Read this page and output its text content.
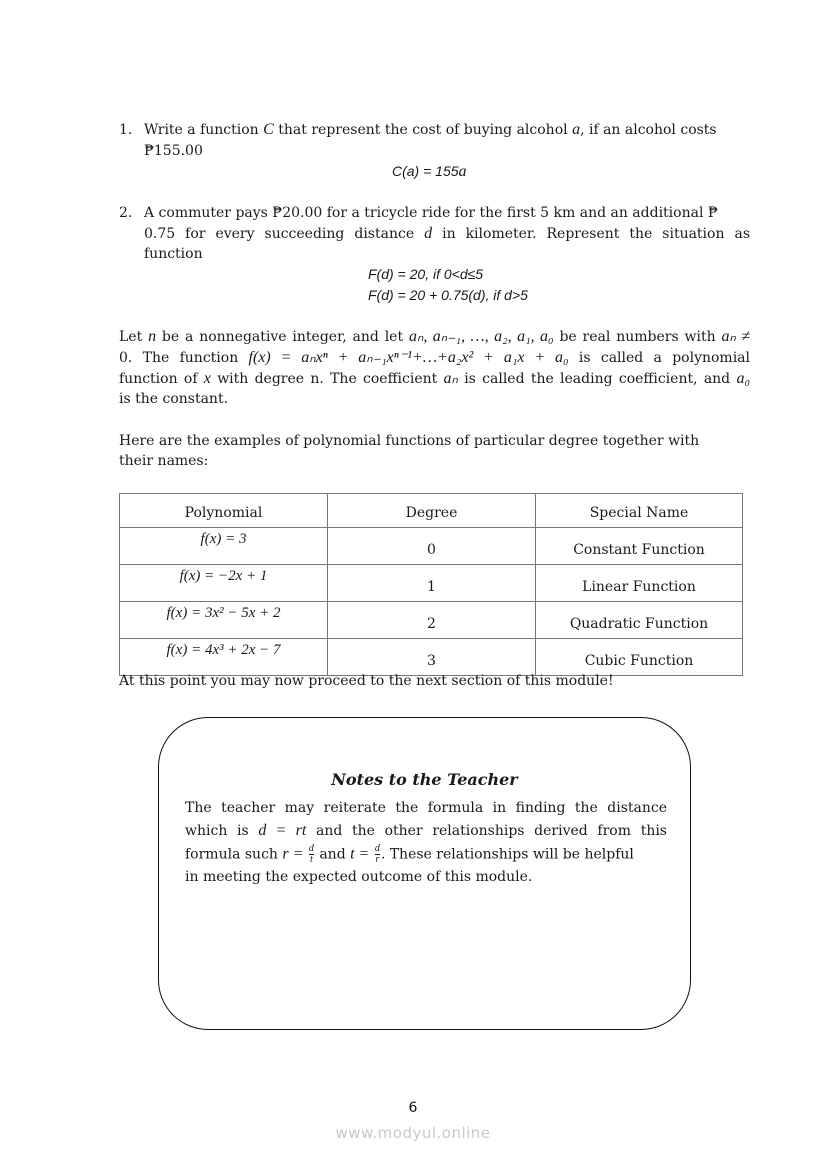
1. Write a function C that represent the cost of buying alcohol a, if an alcohol costs
₱155.00
C(a) = 155a
2. A commuter pays ₱20.00 for a tricycle ride for the first 5 km and an additional ₱
0.75 for every succeeding distance d in kilometer. Represent the situation as
function
F(d) = 20, if 0<d≤5
F(d) = 20 + 0.75(d), if d>5
Let n be a nonnegative integer, and let aₙ, aₙ₋₁, …, a₂, a₁, a₀ be real numbers with aₙ ≠
0. The function f(x) = aₙxⁿ + aₙ₋₁xⁿ⁻¹+…+a₂x² + a₁x + a₀ is called a polynomial
function of x with degree n. The coefficient aₙ is called the leading coefficient, and a₀
is the constant.
Here are the examples of polynomial functions of particular degree together with
their names:
Polynomial	Degree	Special Name
f(x) = 3	0	Constant Function
f(x) = −2x + 1	1	Linear Function
f(x) = 3x² − 5x + 2	2	Quadratic Function
f(x) = 4x³ + 2x − 7	3	Cubic Function
At this point you may now proceed to the next section of this module!
Notes to the Teacher
The teacher may reiterate the formula in finding the distance
which is d = rt and the other relationships derived from this
formula such $r = \frac{d}{t}$ and $t = \frac{d}{r}$ . These relationships will be helpful
in meeting the expected outcome of this module.
6
www.modyul.online
